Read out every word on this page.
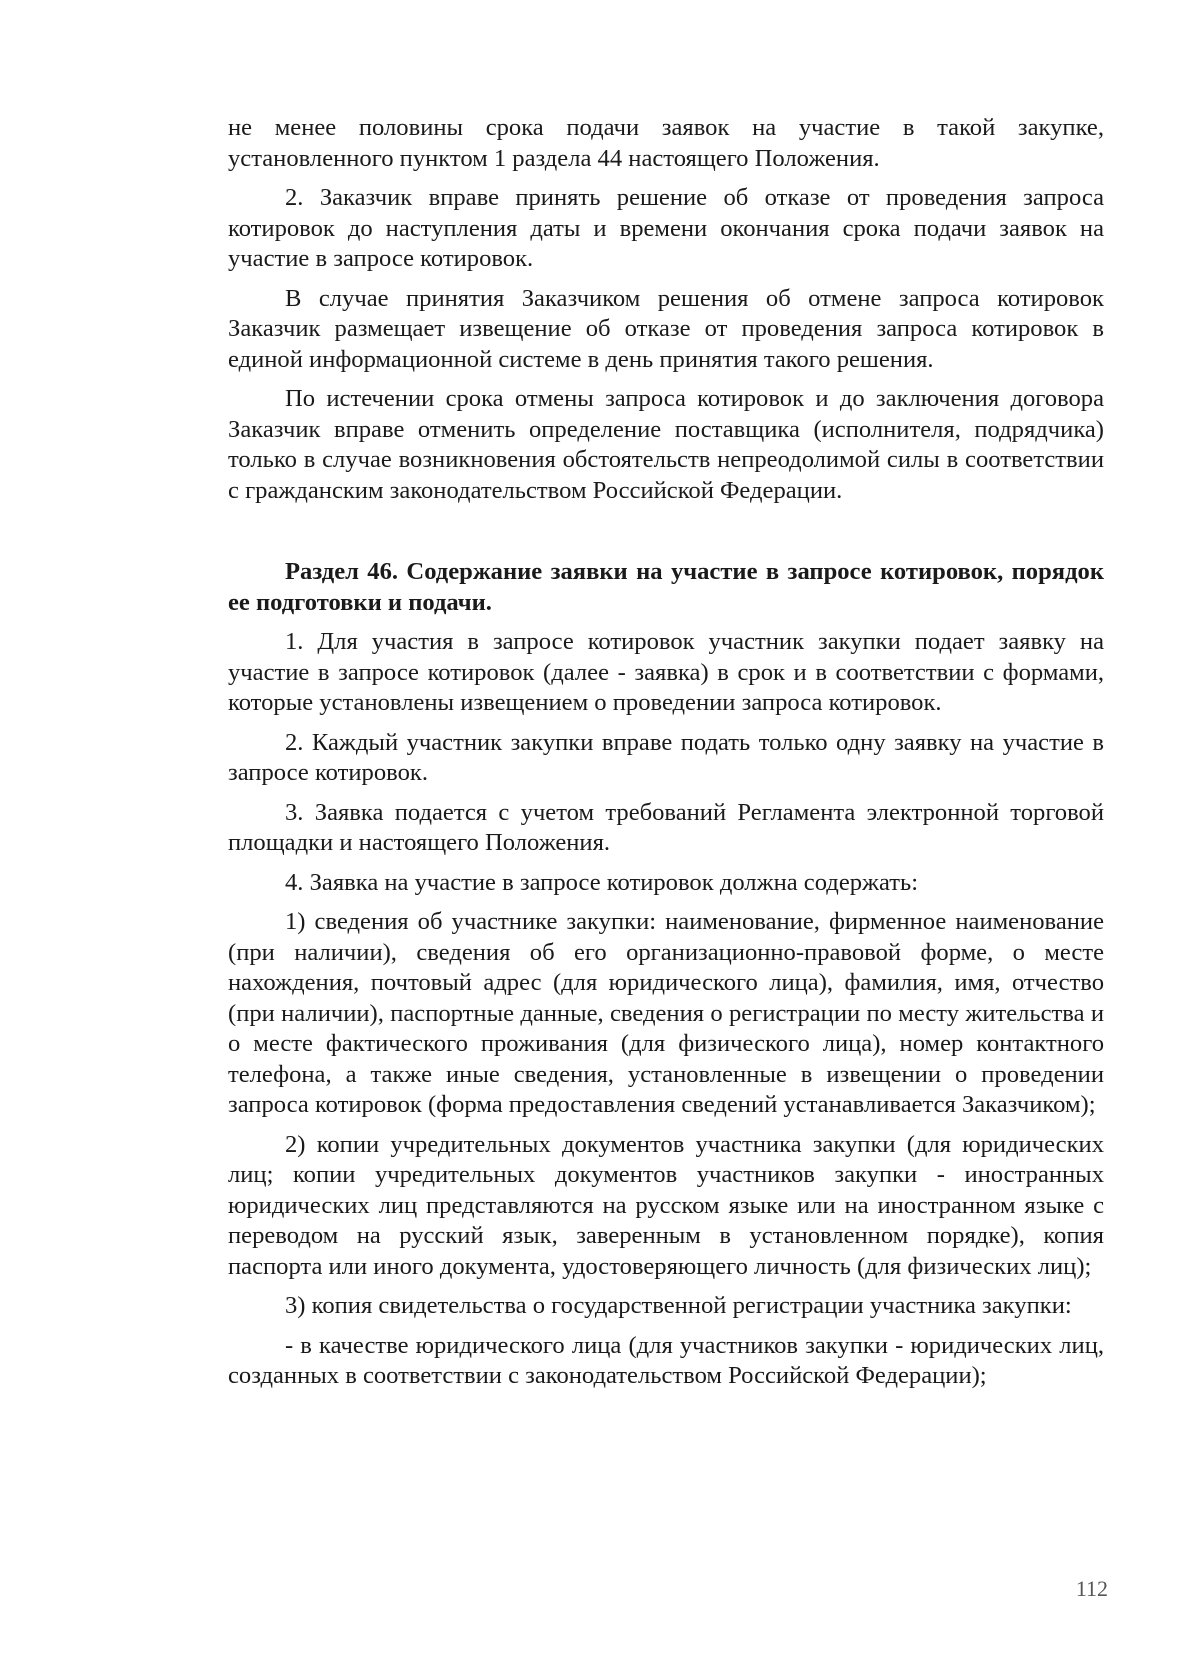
не менее половины срока подачи заявок на участие в такой закупке, установленного пунктом 1 раздела 44 настоящего Положения.

2. Заказчик вправе принять решение об отказе от проведения запроса котировок до наступления даты и времени окончания срока подачи заявок на участие в запросе котировок.

В случае принятия Заказчиком решения об отмене запроса котировок Заказчик размещает извещение об отказе от проведения запроса котировок в единой информационной системе в день принятия такого решения.

По истечении срока отмены запроса котировок и до заключения договора Заказчик вправе отменить определение поставщика (исполнителя, подрядчика) только в случае возникновения обстоятельств непреодолимой силы в соответствии с гражданским законодательством Российской Федерации.

Раздел 46. Содержание заявки на участие в запросе котировок, порядок ее подготовки и подачи.

1. Для участия в запросе котировок участник закупки подает заявку на участие в запросе котировок (далее - заявка) в срок и в соответствии с формами, которые установлены извещением о проведении запроса котировок.

2. Каждый участник закупки вправе подать только одну заявку на участие в запросе котировок.

3. Заявка подается с учетом требований Регламента электронной торговой площадки и настоящего Положения.

4. Заявка на участие в запросе котировок должна содержать:

1) сведения об участнике закупки: наименование, фирменное наименование (при наличии), сведения об его организационно-правовой форме, о месте нахождения, почтовый адрес (для юридического лица), фамилия, имя, отчество (при наличии), паспортные данные, сведения о регистрации по месту жительства и о месте фактического проживания (для физического лица), номер контактного телефона, а также иные сведения, установленные в извещении о проведении запроса котировок (форма предоставления сведений устанавливается Заказчиком);

2) копии учредительных документов участника закупки (для юридических лиц; копии учредительных документов участников закупки - иностранных юридических лиц представляются на русском языке или на иностранном языке с переводом на русский язык, заверенным в установленном порядке), копия паспорта или иного документа, удостоверяющего личность (для физических лиц);

3) копия свидетельства о государственной регистрации участника закупки:

- в качестве юридического лица (для участников закупки - юридических лиц, созданных в соответствии с законодательством Российской Федерации);

112
